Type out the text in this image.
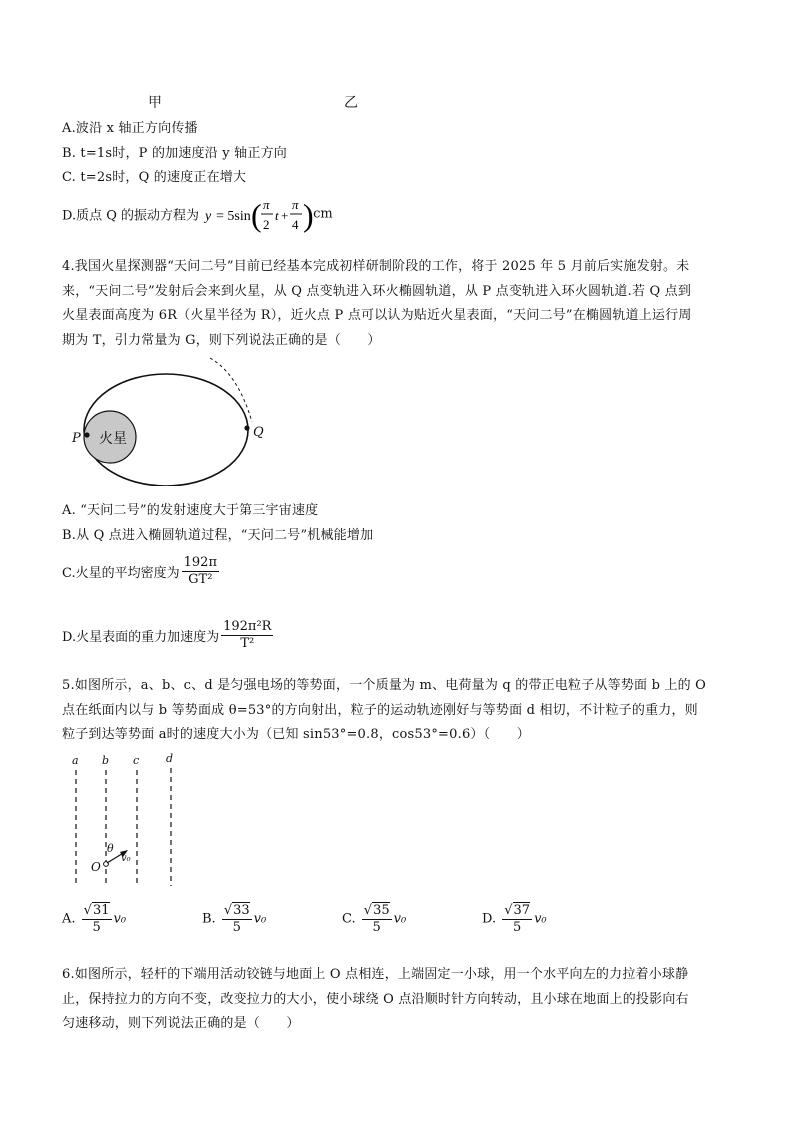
甲	乙
A.波沿 x 轴正方向传播
B. t=1s时，P 的加速度沿 y 轴正方向
C. t=2s时，Q 的速度正在增大
D.质点 Q 的振动方程为 y = 5sin ( π
2
t +
π
4 ) cm
4.我国火星探测器“天问二号”目前已经基本完成初样研制阶段的工作，将于 2025 年 5 月前后实施发射。未
来，“天问二号”发射后会来到火星，从 Q 点变轨进入环火椭圆轨道，从 P 点变轨进入环火圆轨道.若 Q 点到
火星表面高度为 6R（火星半径为 R），近火点 P 点可以认为贴近火星表面，“天问二号”在椭圆轨道上运行周
期为 T，引力常量为 G，则下列说法正确的是（　　）
火星
P	Q
A. “天问二号”的发射速度大于第三宇宙速度
B.从 Q 点进入椭圆轨道过程，“天问二号”机械能增加
C.火星的平均密度为 $\frac{192\pi}{\text{GT²}}$
D.火星表面的重力加速度为 $\frac{\text{192π²R}}{\text{T²}}$
5.如图所示，a、b、c、d 是匀强电场的等势面，一个质量为 m、电荷量为 q 的带正电粒子从等势面 b 上的 O
点在纸面内以与 b 等势面成 θ=53°的方向射出，粒子的运动轨迹刚好与等势面 d 相切，不计粒子的重力，则
粒子到达等势面 a时的速度大小为（已知 sin53°=0.8，cos53°=0.6）（　　）
a b c d
O
θ
v₀
A. $\frac{√31}{5} v_0$	B. $\frac{√33}{5} v_0$	C. $\frac{√35}{5} v_0$	D. $\frac{√37}{5} v_0$
6.如图所示，轻杆的下端用活动铰链与地面上 O 点相连，上端固定一小球，用一个水平向左的力拉着小球静
止，保持拉力的方向不变，改变拉力的大小，使小球绕 O 点沿顺时针方向转动，且小球在地面上的投影向右
匀速移动，则下列说法正确的是（　　）
